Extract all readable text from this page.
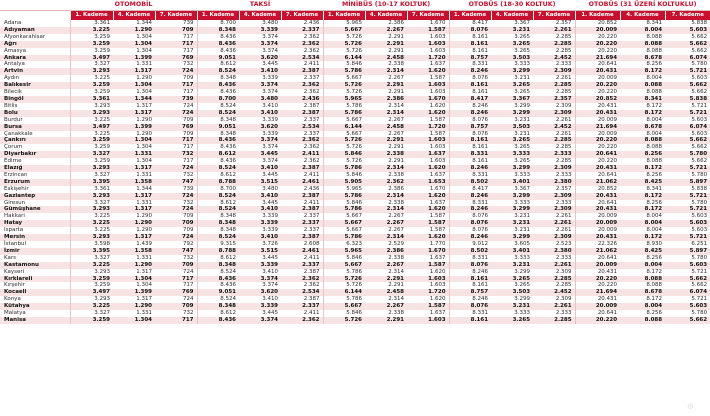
	OTOMOBİL			TAKSİ			MİNİBÜS (10-17 KOLTUK)			OTOBÜS (18-30 KOLTUK)			OTOBÜS (31 ÜZERİ KOLTUKLU)		
	1. Kademe	4. Kademe	7. Kademe	1. Kademe	4. Kademe	7. Kademe	1. Kademe	4. Kademe	7. Kademe	1. Kademe	4. Kademe	7. Kademe	1. Kademe	4. Kademe	7. Kademe
Adana	3.361	1.344	739	8.700	3.480	2.436	5.965	2.386	1.670	8.417	3.367	2.357	20.852	8.341	5.838
Adıyaman	3.225	1.290	709	8.348	3.339	2.337	5.667	2.267	1.587	8.076	3.231	2.261	20.009	8.004	5.603
Afyonkarahisar	3.259	1.304	717	8.436	3.374	2.362	5.726	2.291	1.603	8.161	3.265	2.285	20.220	8.088	5.662
Ağrı	3.259	1.304	717	8.436	3.374	2.362	5.726	2.291	1.603	8.161	3.265	2.285	20.220	8.088	5.662
Amasya	3.259	1.304	717	8.436	3.374	2.362	5.726	2.291	1.603	8.161	3.265	2.285	20.220	8.088	5.662
Ankara	3.497	1.399	769	9.051	3.620	2.534	6.144	2.458	1.720	8.757	3.503	2.452	21.694	8.678	6.074
Antalya	3.327	1.331	732	8.612	3.445	2.411	5.846	2.338	1.637	8.331	3.333	2.333	20.641	8.256	5.780
Artvin	3.293	1.317	724	8.524	3.410	2.387	5.786	2.314	1.620	8.246	3.299	2.309	20.431	8.172	5.721
Aydın	3.225	1.290	709	8.348	3.339	2.337	5.667	2.267	1.587	8.076	3.231	2.261	20.009	8.004	5.603
Balıkesir	3.259	1.304	717	8.436	3.374	2.362	5.726	2.291	1.603	8.161	3.265	2.285	20.220	8.088	5.662
Bilecik	3.259	1.304	717	8.436	3.374	2.362	5.726	2.291	1.603	8.161	3.265	2.285	20.220	8.088	5.662
Bingöl	3.361	1.344	739	8.700	3.480	2.436	5.965	2.386	1.670	8.417	3.367	2.357	20.852	8.341	5.838
Bitlis	3.293	1.317	724	8.524	3.410	2.387	5.786	2.314	1.620	8.246	3.299	2.309	20.431	8.172	5.721
Bolu	3.293	1.317	724	8.524	3.410	2.387	5.786	2.314	1.620	8.246	3.299	2.309	20.431	8.172	5.721
Burdur	3.225	1.290	709	8.348	3.339	2.337	5.667	2.267	1.587	8.076	3.231	2.261	20.009	8.004	5.603
Bursa	3.497	1.399	769	9.051	3.620	2.534	6.144	2.458	1.720	8.757	3.503	2.452	21.694	8.678	6.074
Çanakkale	3.225	1.290	709	8.348	3.339	2.337	5.667	2.267	1.587	8.076	3.231	2.261	20.009	8.004	5.603
Çankırı	3.259	1.304	717	8.436	3.374	2.362	5.726	2.291	1.603	8.161	3.265	2.285	20.220	8.088	5.662
Çorum	3.259	1.304	717	8.436	3.374	2.362	5.726	2.291	1.603	8.161	3.265	2.285	20.220	8.088	5.662
Diyarbakır	3.327	1.331	732	8.612	3.445	2.411	5.846	2.338	1.637	8.331	3.333	2.333	20.641	8.256	5.780
Edirne	3.259	1.304	717	8.436	3.374	2.362	5.726	2.291	1.603	8.161	3.265	2.285	20.220	8.088	5.662
Elazığ	3.293	1.317	724	8.524	3.410	2.387	5.786	2.314	1.620	8.246	3.299	2.309	20.431	8.172	5.721
Erzincan	3.327	1.331	732	8.612	3.445	2.411	5.846	2.338	1.637	8.331	3.333	2.333	20.641	8.256	5.780
Erzurum	3.395	1.358	747	8.788	3.515	2.461	5.905	2.362	1.653	8.502	3.401	2.380	21.062	8.425	5.897
Eskişehir	3.361	1.344	739	8.700	3.480	2.436	5.965	2.386	1.670	8.417	3.367	2.357	20.852	8.341	5.838
Gaziantep	3.293	1.317	724	8.524	3.410	2.387	5.786	2.314	1.620	8.246	3.299	2.309	20.431	8.172	5.721
Giresun	3.327	1.331	732	8.612	3.445	2.411	5.846	2.338	1.637	8.331	3.333	2.333	20.641	8.256	5.780
Gümüşhane	3.293	1.317	724	8.524	3.410	2.387	5.786	2.314	1.620	8.246	3.299	2.309	20.431	8.172	5.721
Hakkari	3.225	1.290	709	8.348	3.339	2.337	5.667	2.267	1.587	8.076	3.231	2.261	20.009	8.004	5.603
Hatay	3.225	1.290	709	8.348	3.339	2.337	5.667	2.267	1.587	8.076	3.231	2.261	20.009	8.004	5.603
Isparta	3.225	1.290	709	8.348	3.339	2.337	5.667	2.267	1.587	8.076	3.231	2.261	20.009	8.004	5.603
Mersin	3.293	1.317	724	8.524	3.410	2.387	5.786	2.314	1.620	8.246	3.299	2.309	20.431	8.172	5.721
İstanbul	3.598	1.439	792	9.315	3.726	2.608	6.323	2.529	1.770	9.012	3.605	2.523	22.326	8.930	6.251
İzmir	3.395	1.358	747	8.788	3.515	2.461	5.965	2.386	1.670	8.502	3.401	2.380	21.062	8.425	5.897
Kars	3.327	1.331	732	8.612	3.445	2.411	5.846	2.338	1.637	8.331	3.333	2.333	20.641	8.256	5.780
Kastamonu	3.225	1.290	709	8.348	3.339	2.337	5.667	2.267	1.587	8.076	3.231	2.261	20.009	8.004	5.603
Kayseri	3.293	1.317	724	8.524	3.410	2.387	5.786	2.314	1.620	8.246	3.299	2.309	20.431	8.172	5.721
Kırklareli	3.259	1.304	717	8.436	3.374	2.362	5.726	2.291	1.603	8.161	3.265	2.285	20.220	8.088	5.662
Kırşehir	3.259	1.304	717	8.436	3.374	2.362	5.726	2.291	1.603	8.161	3.265	2.285	20.220	8.088	5.662
Kocaeli	3.497	1.399	769	9.051	3.620	2.534	6.144	2.458	1.720	8.757	3.503	2.452	21.694	8.678	6.074
Konya	3.293	1.317	724	8.524	3.410	2.387	5.786	2.314	1.620	8.246	3.299	2.309	20.431	8.172	5.721
Kütahya	3.225	1.290	709	8.348	3.339	2.337	5.667	2.267	1.587	8.076	3.231	2.261	20.009	8.004	5.603
Malatya	3.327	1.331	732	8.612	3.445	2.411	5.846	2.338	1.637	8.331	3.333	2.333	20.641	8.256	5.780
Manisa	3.259	1.304	717	8.436	3.374	2.362	5.726	2.291	1.603	8.161	3.265	2.285	20.220	8.088	5.662
⊕
